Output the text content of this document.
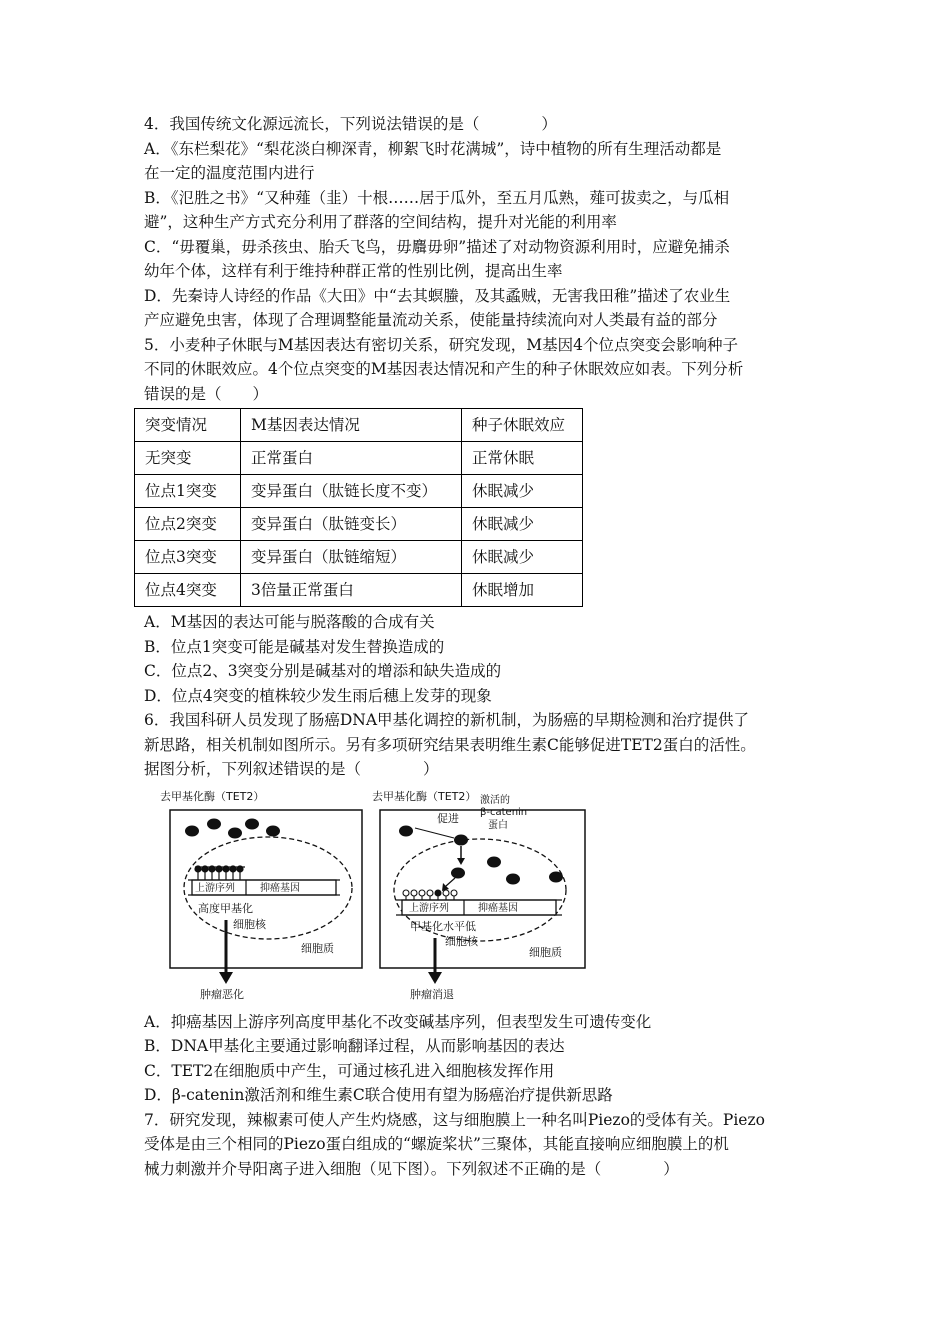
4．我国传统文化源远流长，下列说法错误的是（　　　　）

A．《东栏梨花》“梨花淡白柳深青，柳絮飞时花满城”，诗中植物的所有生理活动都是

在一定的温度范围内进行

B．《氾胜之书》“又种薤（韭）十根……居于瓜外，至五月瓜熟，薤可拔卖之，与瓜相

避”，这种生产方式充分利用了群落的空间结构，提升对光能的利用率

C．“毋覆巢，毋杀孩虫、胎夭飞鸟，毋麛毋卵”描述了对动物资源利用时，应避免捕杀

幼年个体，这样有利于维持种群正常的性别比例，提高出生率

D．先秦诗人诗经的作品《大田》中“去其螟螣，及其蟊贼，无害我田稚”描述了农业生

产应避免虫害，体现了合理调整能量流动关系，使能量持续流向对人类最有益的部分

5．小麦种子休眠与M基因表达有密切关系，研究发现，M基因4个位点突变会影响种子

不同的休眠效应。4个位点突变的M基因表达情况和产生的种子休眠效应如表。下列分析

错误的是（　　）

突变情况	M基因表达情况	种子休眠效应
无突变	正常蛋白	正常休眠
位点1突变	变异蛋白（肽链长度不变）	休眠减少
位点2突变	变异蛋白（肽链变长）	休眠减少
位点3突变	变异蛋白（肽链缩短）	休眠减少
位点4突变	3倍量正常蛋白	休眠增加

A．M基因的表达可能与脱落酸的合成有关

B．位点1突变可能是碱基对发生替换造成的

C．位点2、3突变分别是碱基对的增添和缺失造成的

D．位点4突变的植株较少发生雨后穗上发芽的现象

6．我国科研人员发现了肠癌DNA甲基化调控的新机制，为肠癌的早期检测和治疗提供了

新思路，相关机制如图所示。另有多项研究结果表明维生素C能够促进TET2蛋白的活性。

据图分析，下列叙述错误的是（　　　　）

去甲基化酶（TET2）
上游序列	抑癌基因
高度甲基化
细胞核
细胞质
肿瘤恶化
去甲基化酶（TET2） 激活的
β-catenin
蛋白
促进
上游序列	抑癌基因
甲基化水平低
细胞核
细胞质
肿瘤消退

A．抑癌基因上游序列高度甲基化不改变碱基序列，但表型发生可遗传变化

B．DNA甲基化主要通过影响翻译过程，从而影响基因的表达

C．TET2在细胞质中产生，可通过核孔进入细胞核发挥作用

D．β-catenin激活剂和维生素C联合使用有望为肠癌治疗提供新思路

7．研究发现，辣椒素可使人产生灼烧感，这与细胞膜上一种名叫Piezo的受体有关。Piezo

受体是由三个相同的Piezo蛋白组成的“螺旋桨状”三聚体，其能直接响应细胞膜上的机

械力刺激并介导阳离子进入细胞（见下图）。下列叙述不正确的是（　　　　）
